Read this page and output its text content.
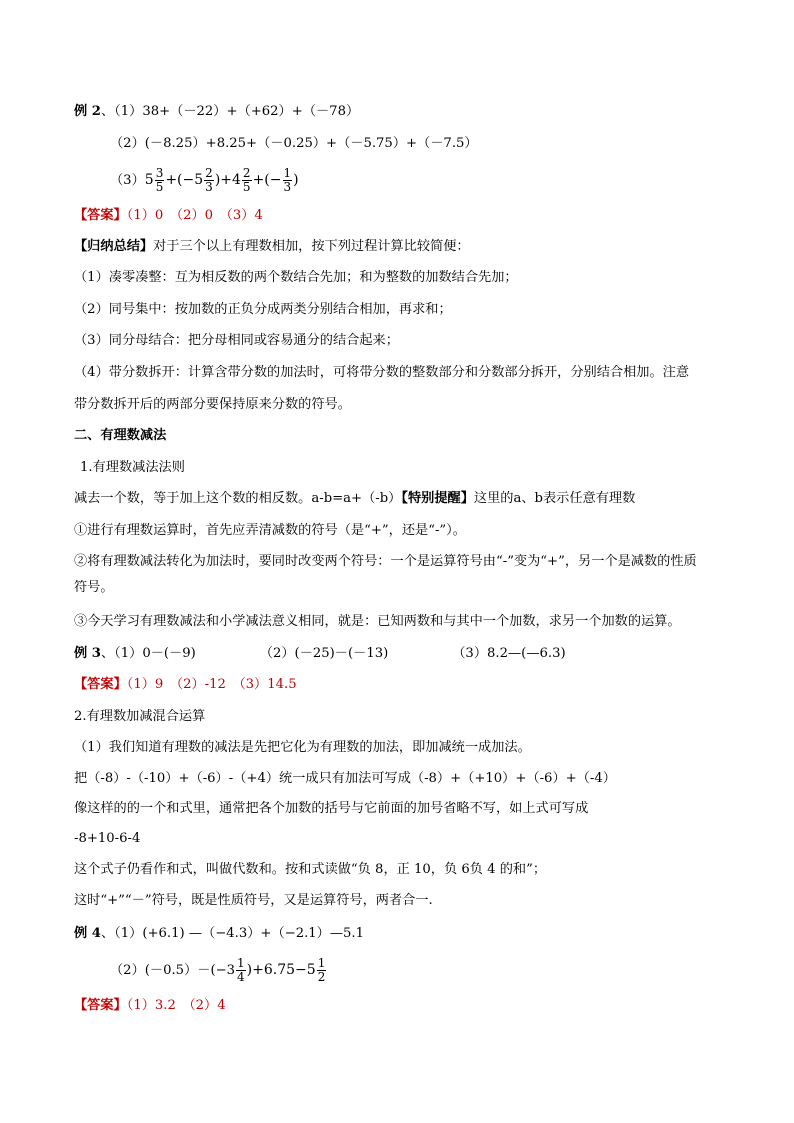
例 2、（1）38+（－22）+（+62）+（－78）
（2）(－8.25）+8.25+（－0.25）+（－5.75）+（－7.5）
$(3)5 \frac{3}{5} +(-5 \frac{2}{3} )+4 \frac{2}{5}$ +(− $\frac{1}{3}$ )
【答案】（1）0　（2）0　（3）4
【归纳总结】对于三个以上有理数相加，按下列过程计算比较简便：
（1）凑零凑整：互为相反数的两个数结合先加；和为整数的加数结合先加；
（2）同号集中：按加数的正负分成两类分别结合相加，再求和；
（3）同分母结合：把分母相同或容易通分的结合起来；
（4）带分数拆开：计算含带分数的加法时，可将带分数的整数部分和分数部分拆开，分别结合相加。注意
带分数拆开后的两部分要保持原来分数的符号。
二、有理数减法
1.有理数减法法则
减去一个数，等于加上这个数的相反数。a-b=a+（-b）【特别提醒】这里的a、b表示任意有理数
①进行有理数运算时，首先应弄清减数的符号（是“+”，还是“-”）。
②将有理数减法转化为加法时，要同时改变两个符号：一个是运算符号由“-”变为“+”，另一个是减数的性质
符号。
③今天学习有理数减法和小学减法意义相同，就是：已知两数和与其中一个加数，求另一个加数的运算。
例 3、（1）0－(－9)	（2）(－25)－(－13)	（3）8.2—(—6.3)
【答案】（1）9　（2）-12　（3）14.5
2.有理数加减混合运算
（1）我们知道有理数的减法是先把它化为有理数的加法，即加减统一成加法。
把（-8）-（-10）+（-6）-（+4）统一成只有加法可写成（-8）+（+10）+（-6）+（-4）
像这样的的一个和式里，通常把各个加数的括号与它前面的加号省略不写，如上式可写成
-8+10-6-4
这个式子仍看作和式，叫做代数和。按和式读做“负 8，正 10，负 6负 4 的和”；
这时“+”“－”符号，既是性质符号，又是运算符号，两者合一.
例 4、（1）(+6.1) —（−4.3）+（−2.1）—5.1
$(2)(-0.5)-(-3 \frac{1}{4} )+6.75-5 \frac{1}{2}$
【答案】（1）3.2　（2）4
